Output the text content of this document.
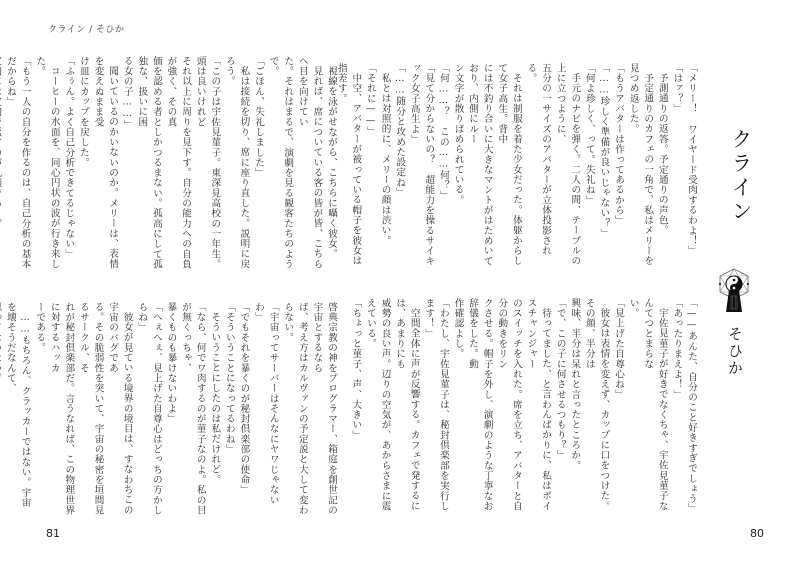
クライン / そひか

視線を泳がせながら、こちらに囁く彼女。

見れば、席についている客の皆が皆、こちらへ目を向けてい

た。それはまるで、演劇を見る観客たちのようで。

「ごほん、失礼しました」

私は接続を切り、席に座り直した。説明に戻ろう。

「この子は宇佐見菫子。東深見高校の一年生。頭は良いけれど

それ以上に周りを見下す。自分の能力への自負が強く、その真

価を認める者としかつるまない。孤高にして孤独な、扱いに困

る女の子……」

聞いているのかいないのか。メリーは、表情を変えぬまま受

け皿にカップを戻した。

「ふぅん。よく自己分析できてるじゃない」

コーヒーの水面を、同心円状の波が行き来した。

「もう一人の自分を作るのは、自己分析の基本だからね」

啓典宗教の神をプログラマー、箱庭を創世記の宇宙とするなら

ば、考え方はカルヴァンの予定説と大して変わらない。

「宇宙ってサーバーはそんなにヤワじゃないわ」

「でもそれを暴くのが秘封倶楽部の使命」

「そういうことになってるわね」

そういうことにしたのは私だけれど。

「なら、何でワ肉するのが菫子なのよ。私の目が無くっちゃ、

暴くものも暴けないわよ」

「へぇへぇ、見上げた自尊心はどっちの方かしらね」

彼女が見ている境界の境目は、すなわちこの宇宙のバグであ

る。その脆弱性を突いて、宇宙の秘密を垣間見るサークル、そ

れが秘封倶楽部だ。言うなれば、この物理世界に対するハッカ

ーである。

……もちろん、クラッカーではない。宇宙を壊そうだなんて、

81
クライン
そひか

「メリー！　ワイヤード受肉するわよ！」

「はァ？」

予測通りの返答。予定通りの声色。

予定通りのカフェの一角で、私はメリーを見つめ返した。

「もうアバターは作ってあるから」

「……珍しく準備が良いじゃない？」

「何よ珍しく、って。失礼ね」

手元のナビを弾く。二人の間、テーブルの上に立つように、

五分の一サイズのアバターが立体投影される。

それは制服を着た少女だった。体躯からして女子高生。背中

には不釣り合いに大きなマントがはためいており、内側にルー

ン文字が散りばめられている。

「何……？　この……何？」

「見て分からないの？　超能力を操るサイキック女子高生よ」

「……随分と攻めた設定ね」

私とは対照的に、メリーの顔は渋い。

「それに——」

中空、アバターが被っている帽子を彼女は指差す。

「——あんた、自分のこと好きすぎでしょう」

「あったりまえよ！」

宇佐見菫子が好きでなくちゃ、宇佐見菫子なんてつとまらな

い。

「見上げた自尊心ね」

彼女は表情を変えず、カップに口をつけた。その顔、半分は

興味、半分は呆れと言ったところか。

「で、この子に何させるつもり？」

待ってました、と言わんばかりに、私はボイスチャンジャー

のスイッチを入れた。席を立ち、アバターと自分の動きをリン

クさせる。帽子を外し、演劇のような丁寧なお辞儀をした。動

作確認よし。

「わたし、宇佐見菫子は、秘封倶楽部を実行します！」

空間全体に声が反響する。カフェで発するには、あまりにも

威勢の良い声。辺りの空気が、あからさまに震えている。

「ちょっと菫子、声、大きい」

80
